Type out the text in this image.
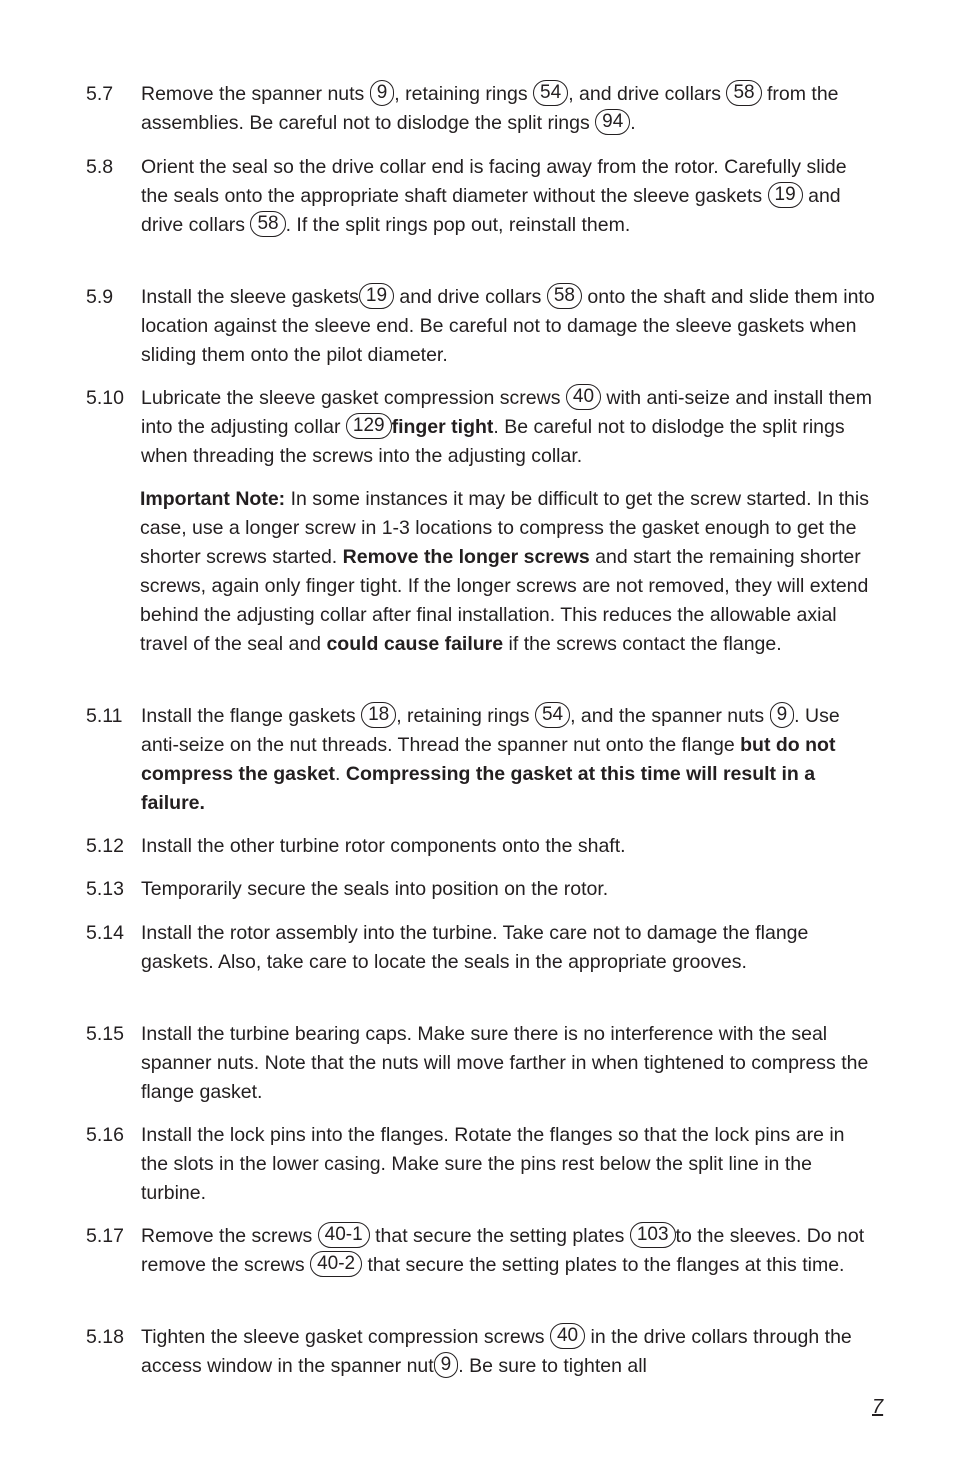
5.7	Remove the spanner nuts 9 , retaining rings 54 , and drive collars 58 from the assemblies. Be careful not to dislodge the split rings 94 .
5.8	Orient the seal so the drive collar end is facing away from the rotor. Carefully slide the seals onto the appropriate shaft diameter without the sleeve gaskets 19 and drive collars 58 . If the split rings pop out, reinstall them.
5.9	Install the sleeve gaskets 19 and drive collars 58 onto the shaft and slide them into location against the sleeve end. Be careful not to damage the sleeve gaskets when sliding them onto the pilot diameter.
5.10 Lubricate the sleeve gasket compression screws 40 with anti-seize and install them into the adjusting collar 129 finger tight. Be careful not to dislodge the split rings when threading the screws into the adjusting collar.
Important Note: In some instances it may be difficult to get the screw started. In this case, use a longer screw in 1-3 locations to compress the gasket enough to get the shorter screws started. Remove the longer screws and start the remaining shorter screws, again only finger tight. If the longer screws are not removed, they will extend behind the adjusting collar after final installation. This reduces the allowable axial travel of the seal and could cause failure if the screws contact the flange.
5.11 Install the flange gaskets 18 , retaining rings 54 , and the spanner nuts 9 . Use anti-seize on the nut threads. Thread the spanner nut onto the flange but do not compress the gasket. Compressing the gasket at this time will result in a failure.
5.12 Install the other turbine rotor components onto the shaft.
5.13 Temporarily secure the seals into position on the rotor.
5.14 Install the rotor assembly into the turbine. Take care not to damage the flange gaskets. Also, take care to locate the seals in the appropriate grooves.
5.15 Install the turbine bearing caps. Make sure there is no interference with the seal spanner nuts. Note that the nuts will move farther in when tightened to compress the flange gasket.
5.16 Install the lock pins into the flanges. Rotate the flanges so that the lock pins are in the slots in the lower casing. Make sure the pins rest below the split line in the turbine.
5.17 Remove the screws 40-1 that secure the setting plates 103 to the sleeves. Do not remove the screws 40-2 that secure the setting plates to the flanges at this time.
5.18 Tighten the sleeve gasket compression screws 40 in the drive collars through the access window in the spanner nut 9 . Be sure to tighten all
7
